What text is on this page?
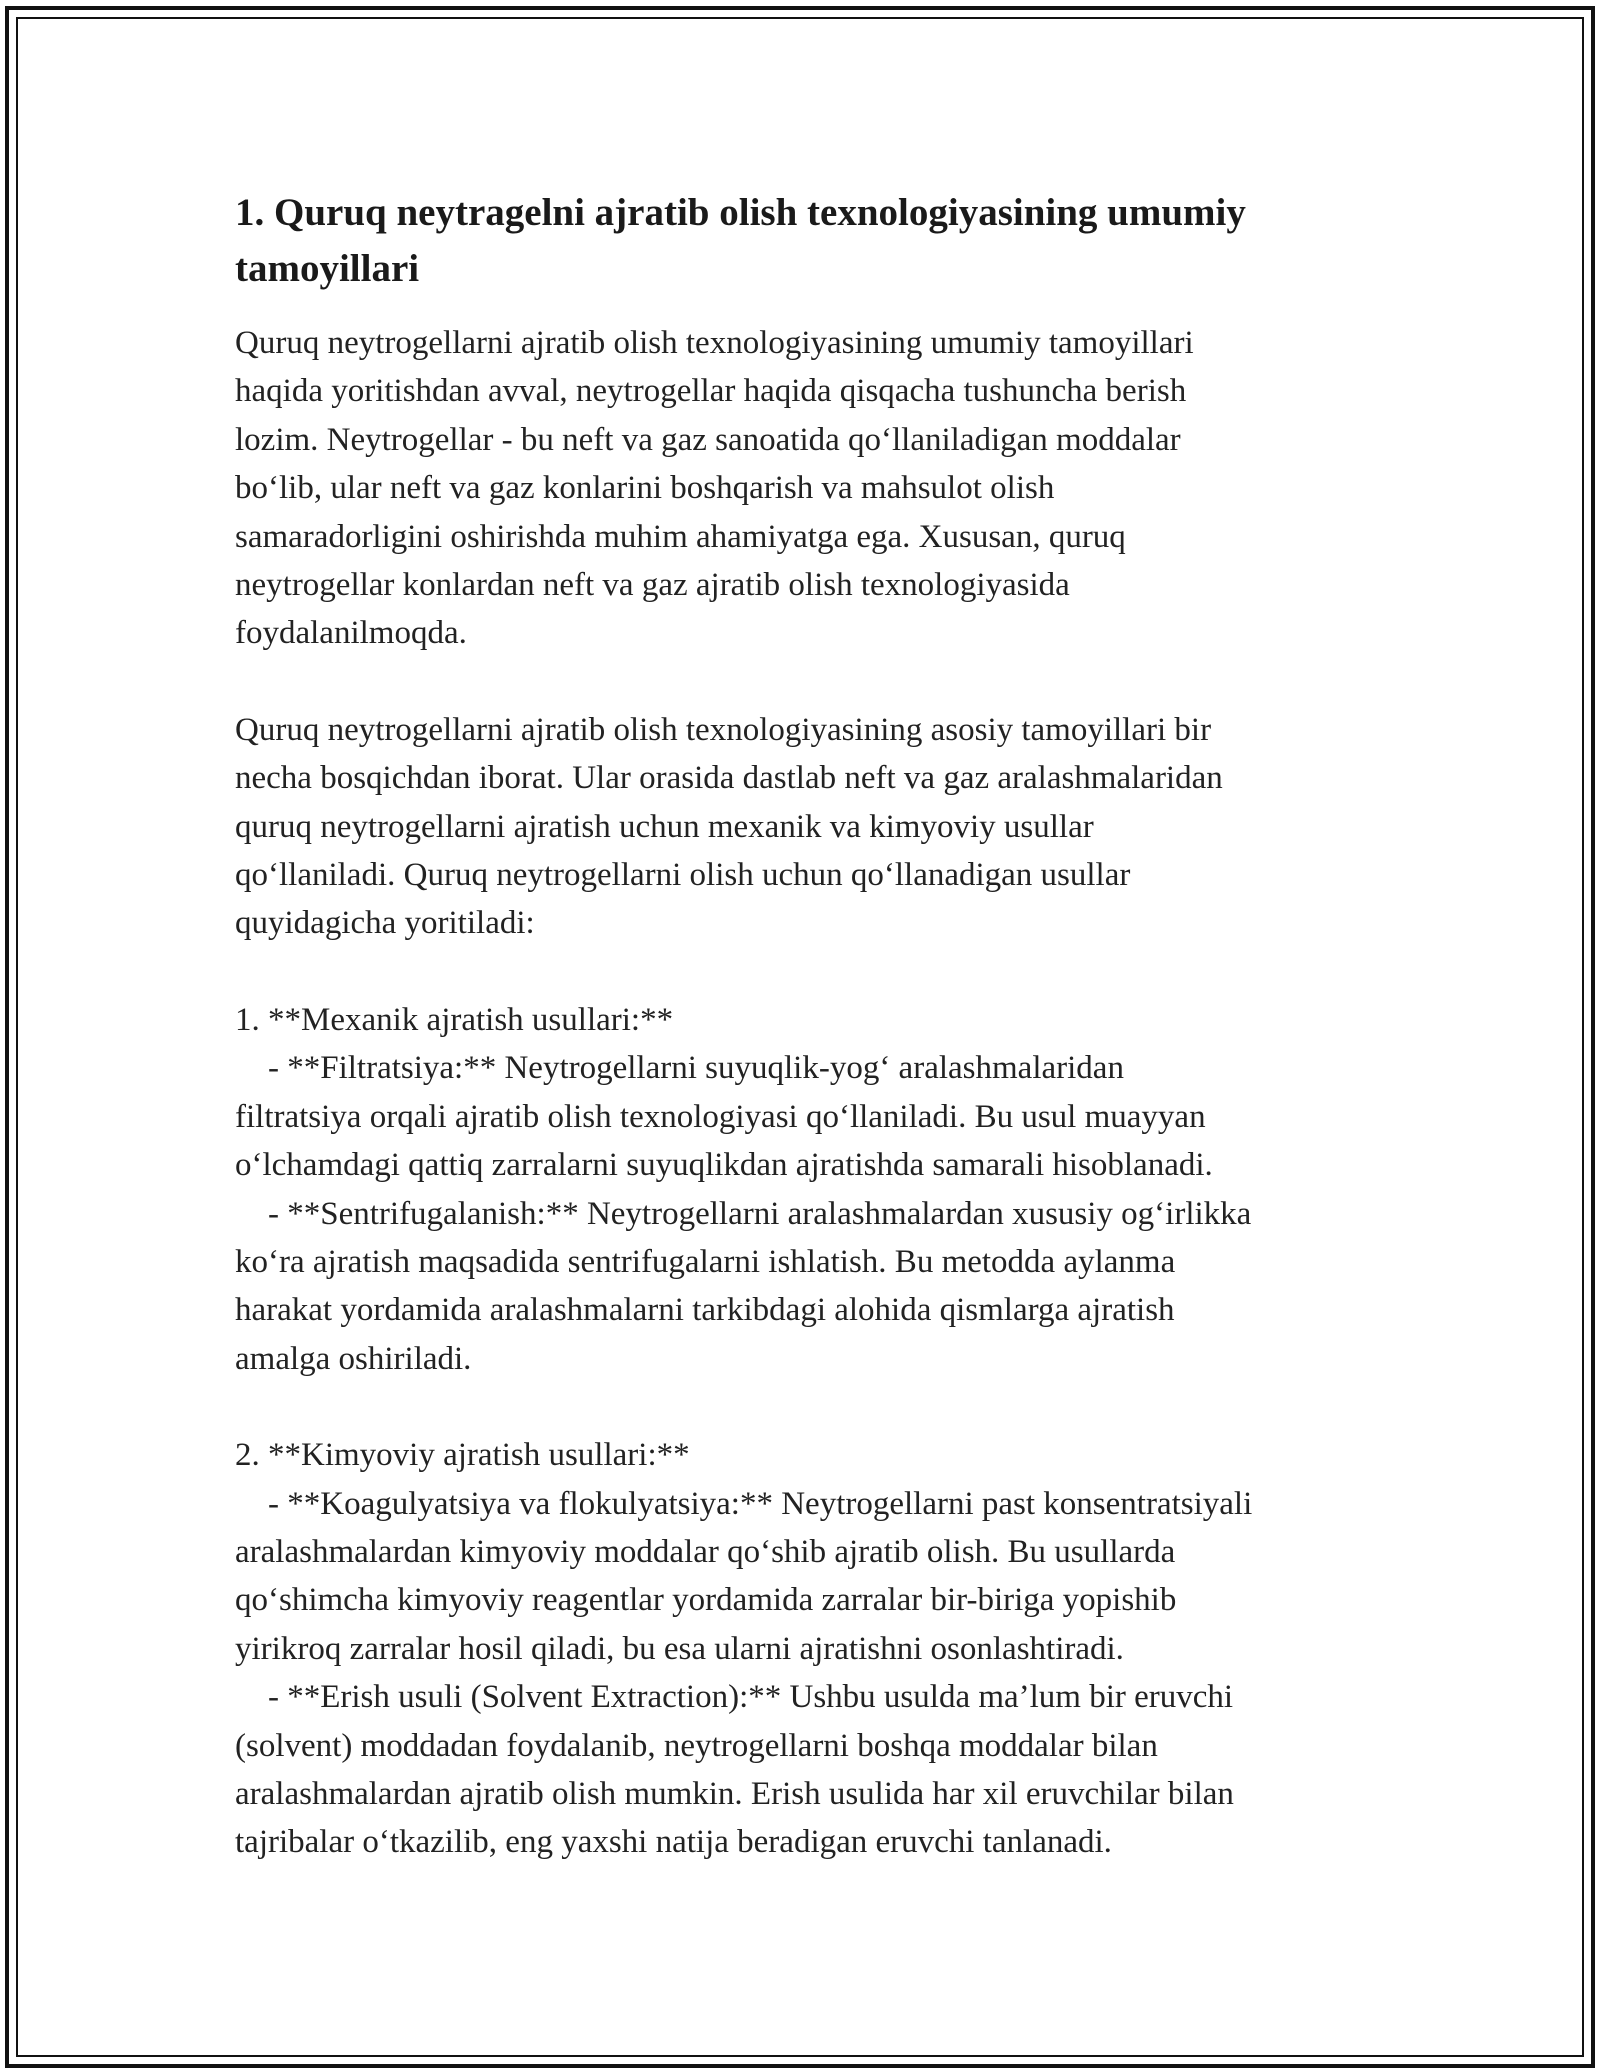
1. Quruq neytragelni ajratib olish texnologiyasining umumiy
tamoyillari

Quruq neytrogellarni ajratib olish texnologiyasining umumiy tamoyillari
haqida yoritishdan avval, neytrogellar haqida qisqacha tushuncha berish
lozim. Neytrogellar - bu neft va gaz sanoatida qo‘llaniladigan moddalar
bo‘lib, ular neft va gaz konlarini boshqarish va mahsulot olish
samaradorligini oshirishda muhim ahamiyatga ega. Xususan, quruq
neytrogellar konlardan neft va gaz ajratib olish texnologiyasida
foydalanilmoqda.

Quruq neytrogellarni ajratib olish texnologiyasining asosiy tamoyillari bir
necha bosqichdan iborat. Ular orasida dastlab neft va gaz aralashmalaridan
quruq neytrogellarni ajratish uchun mexanik va kimyoviy usullar
qo‘llaniladi. Quruq neytrogellarni olish uchun qo‘llanadigan usullar
quyidagicha yoritiladi:

1. **Mexanik ajratish usullari:**
- **Filtratsiya:** Neytrogellarni suyuqlik-yog‘ aralashmalaridan
filtratsiya orqali ajratib olish texnologiyasi qo‘llaniladi. Bu usul muayyan
o‘lchamdagi qattiq zarralarni suyuqlikdan ajratishda samarali hisoblanadi.
- **Sentrifugalanish:** Neytrogellarni aralashmalardan xususiy og‘irlikka
ko‘ra ajratish maqsadida sentrifugalarni ishlatish. Bu metodda aylanma
harakat yordamida aralashmalarni tarkibdagi alohida qismlarga ajratish
amalga oshiriladi.

2. **Kimyoviy ajratish usullari:**
- **Koagulyatsiya va flokulyatsiya:** Neytrogellarni past konsentratsiyali
aralashmalardan kimyoviy moddalar qo‘shib ajratib olish. Bu usullarda
qo‘shimcha kimyoviy reagentlar yordamida zarralar bir-biriga yopishib
yirikroq zarralar hosil qiladi, bu esa ularni ajratishni osonlashtiradi.
- **Erish usuli (Solvent Extraction):** Ushbu usulda ma’lum bir eruvchi
(solvent) moddadan foydalanib, neytrogellarni boshqa moddalar bilan
aralashmalardan ajratib olish mumkin. Erish usulida har xil eruvchilar bilan
tajribalar o‘tkazilib, eng yaxshi natija beradigan eruvchi tanlanadi.
